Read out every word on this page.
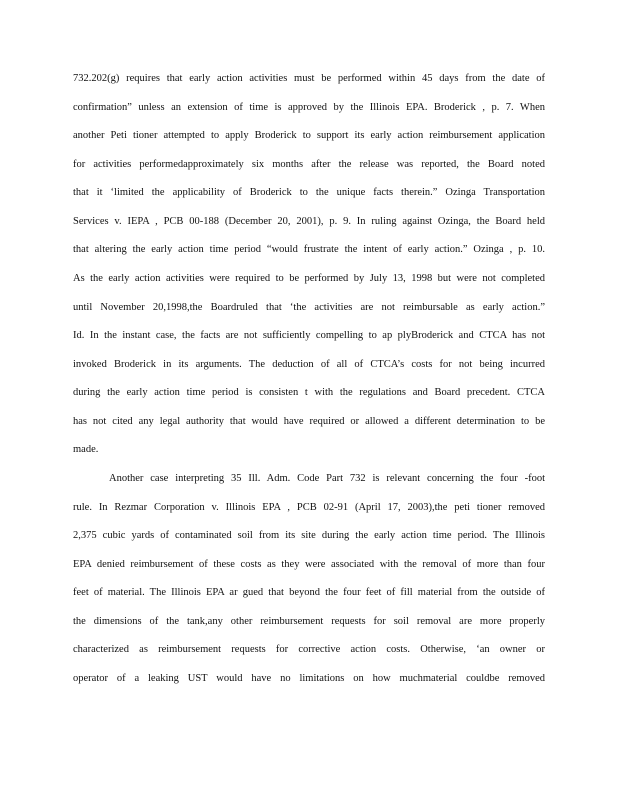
732.202(g) requires that early action activities must be performed within 45 days from the date of
confirmation” unless an extension of time is approved by the Illinois EPA. Broderick , p. 7. When
another Peti tioner attempted to apply Broderick to support its early action reimbursement application
for activities performedapproximately six months after the release was reported, the Board noted
that it ‘limited the applicability of Broderick to the unique facts therein.” Ozinga Transportation
Services v. IEPA , PCB 00-188 (December 20, 2001), p. 9. In ruling against Ozinga, the Board held
that altering the early action time period “would frustrate the intent of early action.” Ozinga , p. 10.
As the early action activities were required to be performed by July 13, 1998 but were not completed
until November 20,1998,the Boardruled that ‘the activities are not reimbursable as early action.”
Id. In the instant case, the facts are not sufficiently compelling to ap plyBroderick and CTCA has not
invoked Broderick in its arguments. The deduction of all of CTCA’s costs for not being incurred
during the early action time period is consisten t with the regulations and Board precedent. CTCA
has not cited any legal authority that would have required or allowed a different determination to be
made.
Another case interpreting 35 Ill. Adm. Code Part 732 is relevant concerning the four -foot
rule. In Rezmar Corporation v. Illinois EPA , PCB 02-91 (April 17, 2003),the peti tioner removed
2,375 cubic yards of contaminated soil from its site during the early action time period. The Illinois
EPA denied reimbursement of these costs as they were associated with the removal of more than four
feet of material. The Illinois EPA ar gued that beyond the four feet of fill material from the outside of
the dimensions of the tank,any other reimbursement requests for soil removal are more properly
characterized as reimbursement requests for corrective action costs. Otherwise, ‘an owner or
operator of a leaking UST would have no limitations on how muchmaterial couldbe removed
